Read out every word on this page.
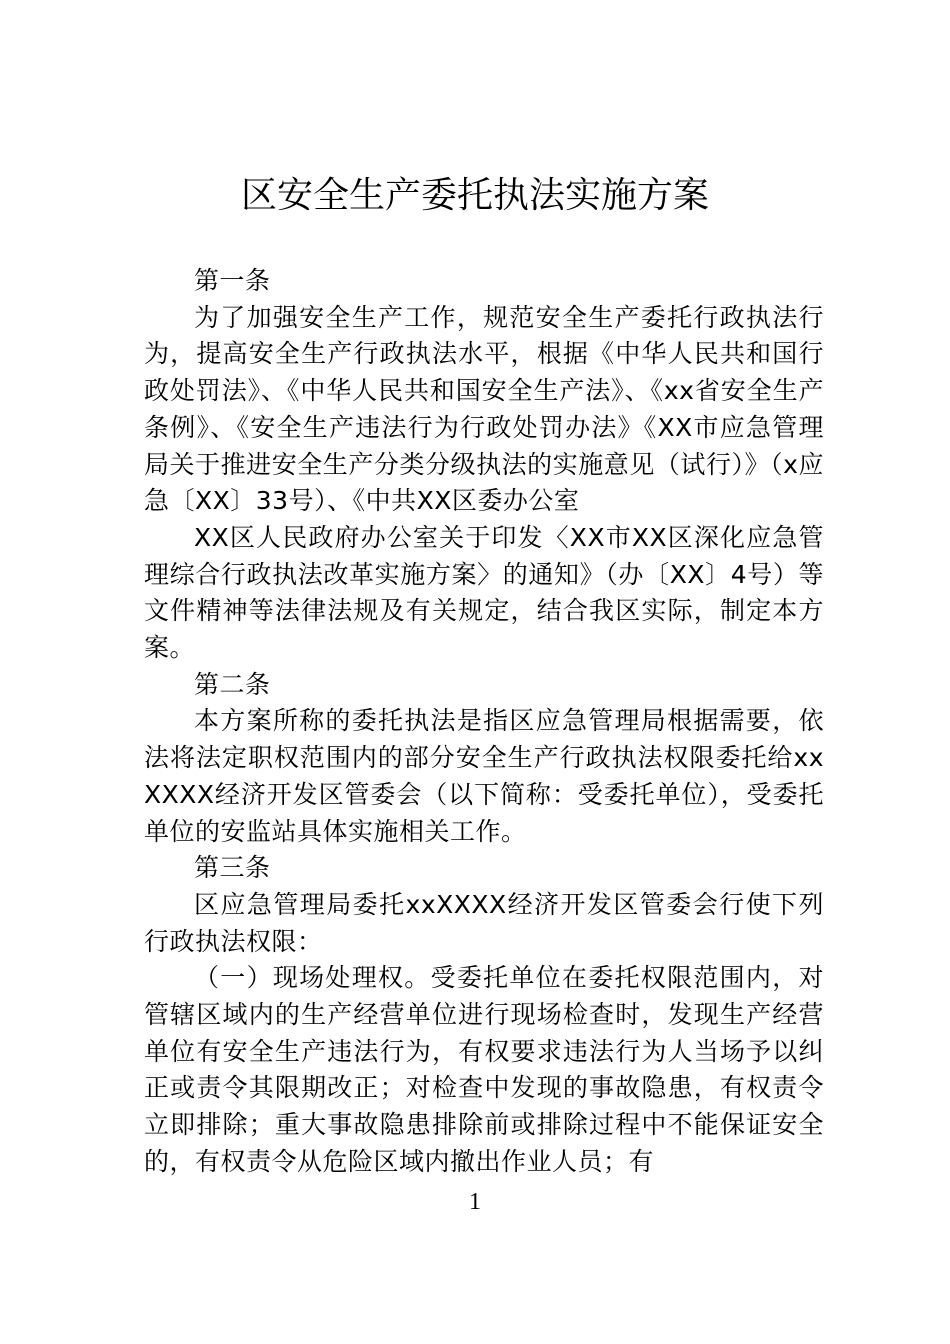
区安全生产委托执法实施方案

第一条

为了加强安全生产工作，规范安全生产委托行政执法行为，提高安全生产行政执法水平，根据《中华人民共和国行政处罚法》、《中华人民共和国安全生产法》、《xx省安全生产条例》、《安全生产违法行为行政处罚办法》《XX市应急管理局关于推进安全生产分类分级执法的实施意见（试行）》（x应急〔XX〕33号）、《中共XX区委办公室

XX区人民政府办公室关于印发〈XX市XX区深化应急管理综合行政执法改革实施方案〉的通知》（办〔XX〕4号）等文件精神等法律法规及有关规定，结合我区实际，制定本方案。

第二条

本方案所称的委托执法是指区应急管理局根据需要，依法将法定职权范围内的部分安全生产行政执法权限委托给xxXXXX经济开发区管委会（以下简称：受委托单位），受委托单位的安监站具体实施相关工作。

第三条

区应急管理局委托xxXXXX经济开发区管委会行使下列行政执法权限：

（一）现场处理权。受委托单位在委托权限范围内，对管辖区域内的生产经营单位进行现场检查时，发现生产经营单位有安全生产违法行为，有权要求违法行为人当场予以纠正或责令其限期改正；对检查中发现的事故隐患，有权责令立即排除；重大事故隐患排除前或排除过程中不能保证安全的，有权责令从危险区域内撤出作业人员；有

1
